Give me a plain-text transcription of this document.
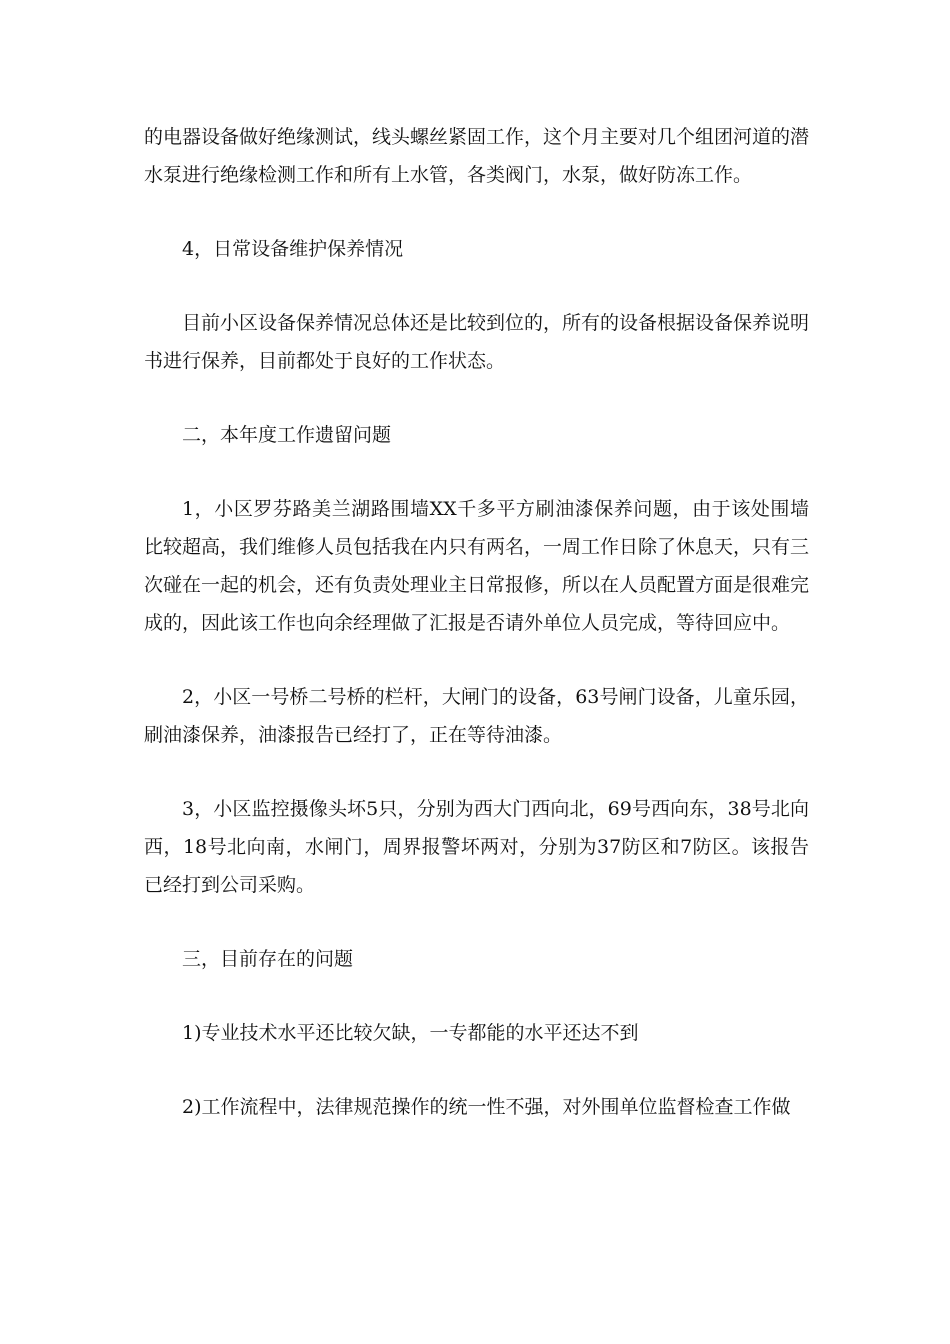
的电器设备做好绝缘测试，线头螺丝紧固工作，这个月主要对几个组团河道的潜水泵进行绝缘检测工作和所有上水管，各类阀门，水泵，做好防冻工作。

4，日常设备维护保养情况

目前小区设备保养情况总体还是比较到位的，所有的设备根据设备保养说明书进行保养，目前都处于良好的工作状态。

二，本年度工作遗留问题

1，小区罗芬路美兰湖路围墙XX千多平方刷油漆保养问题，由于该处围墙比较超高，我们维修人员包括我在内只有两名，一周工作日除了休息天，只有三次碰在一起的机会，还有负责处理业主日常报修，所以在人员配置方面是很难完成的，因此该工作也向余经理做了汇报是否请外单位人员完成，等待回应中。

2，小区一号桥二号桥的栏杆，大闸门的设备，63号闸门设备，儿童乐园，刷油漆保养，油漆报告已经打了，正在等待油漆。

3，小区监控摄像头坏5只，分别为西大门西向北，69号西向东，38号北向西，18号北向南，水闸门，周界报警坏两对，分别为37防区和7防区。该报告已经打到公司采购。

三，目前存在的问题

1)专业技术水平还比较欠缺，一专都能的水平还达不到

2)工作流程中，法律规范操作的统一性不强，对外围单位监督检查工作做
